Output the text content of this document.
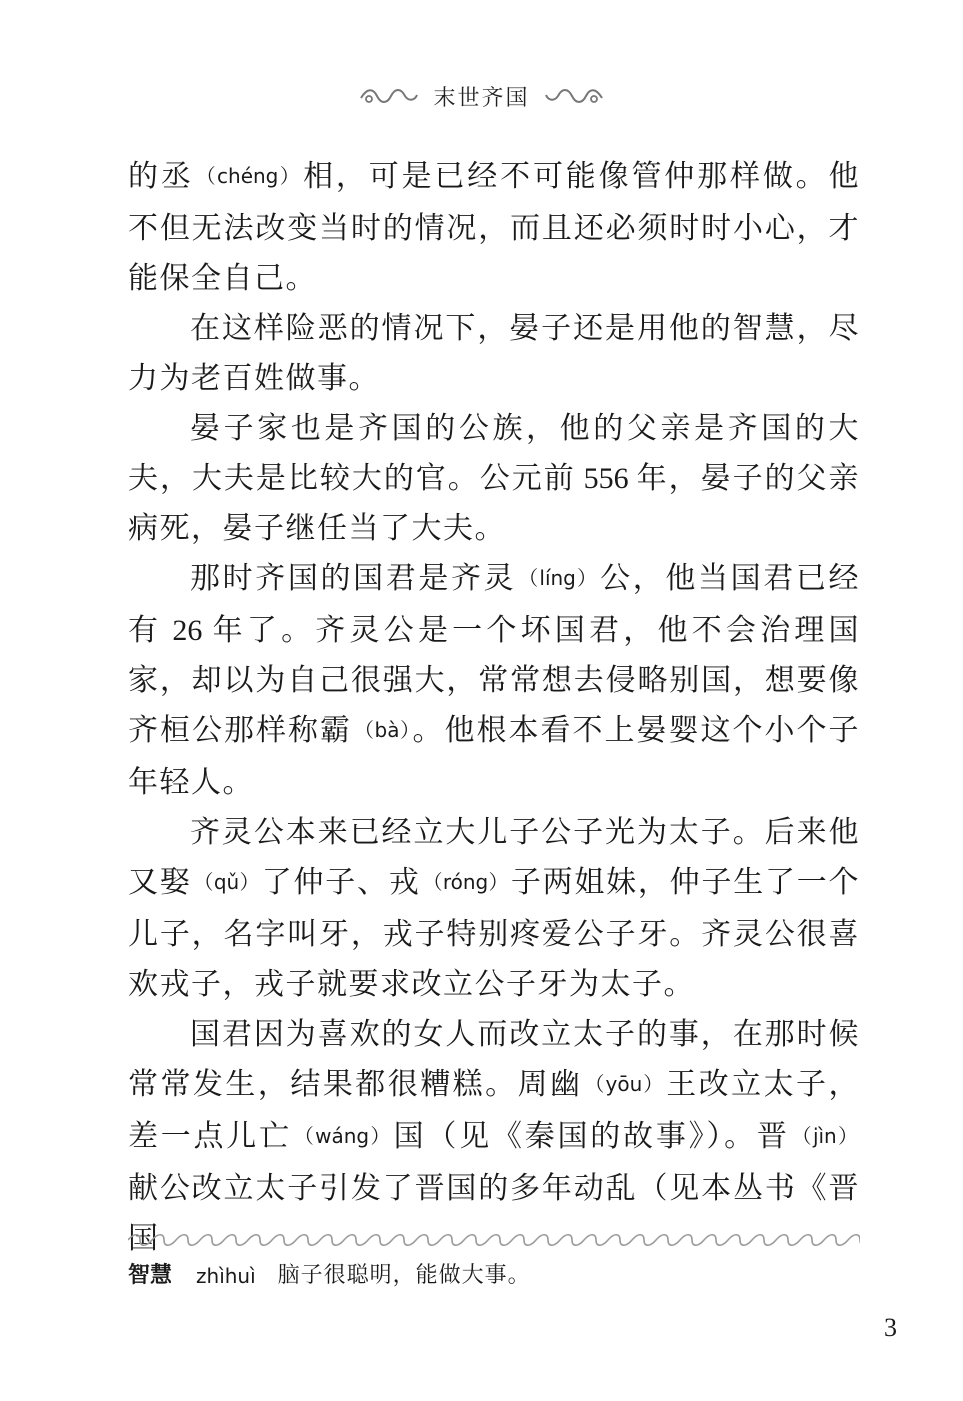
末世齐国

的丞 （chéng）相，可是已经不可能像管仲那样做。他不但无法改变当时的情况，而且还必须时时小心，才能保全自己。

在这样险恶的情况下，晏子还是用他的智慧，尽力为老百姓做事。

晏子家也是齐国的公族，他的父亲是齐国的大夫，大夫是比较大的官。公元前 556 年，晏子的父亲病死，晏子继任当了大夫。

那时齐国的国君是齐灵 （líng）公，他当国君已经有 26 年了。齐灵公是一个坏国君，他不会治理国家，却以为自己很强大，常常想去侵略别国，想要像齐桓公那样称霸 （bà）。他根本看不上晏婴这个小个子年轻人。

齐灵公本来已经立大儿子公子光为太子。后来他又娶 （qǔ）了仲子、戎 （róng）子两姐妹，仲子生了一个儿子，名字叫牙，戎子特别疼爱公子牙。齐灵公很喜欢戎子，戎子就要求改立公子牙为太子。

国君因为喜欢的女人而改立太子的事，在那时候常常发生，结果都很糟糕。周幽 （yōu）王改立太子，差一点儿亡 （wáng）国（见《秦国的故事》）。晋 （jìn）献公改立太子引发了晋国的多年动乱（见本丛书《晋国

智慧 zhìhuì 脑子很聪明，能做大事。
3
